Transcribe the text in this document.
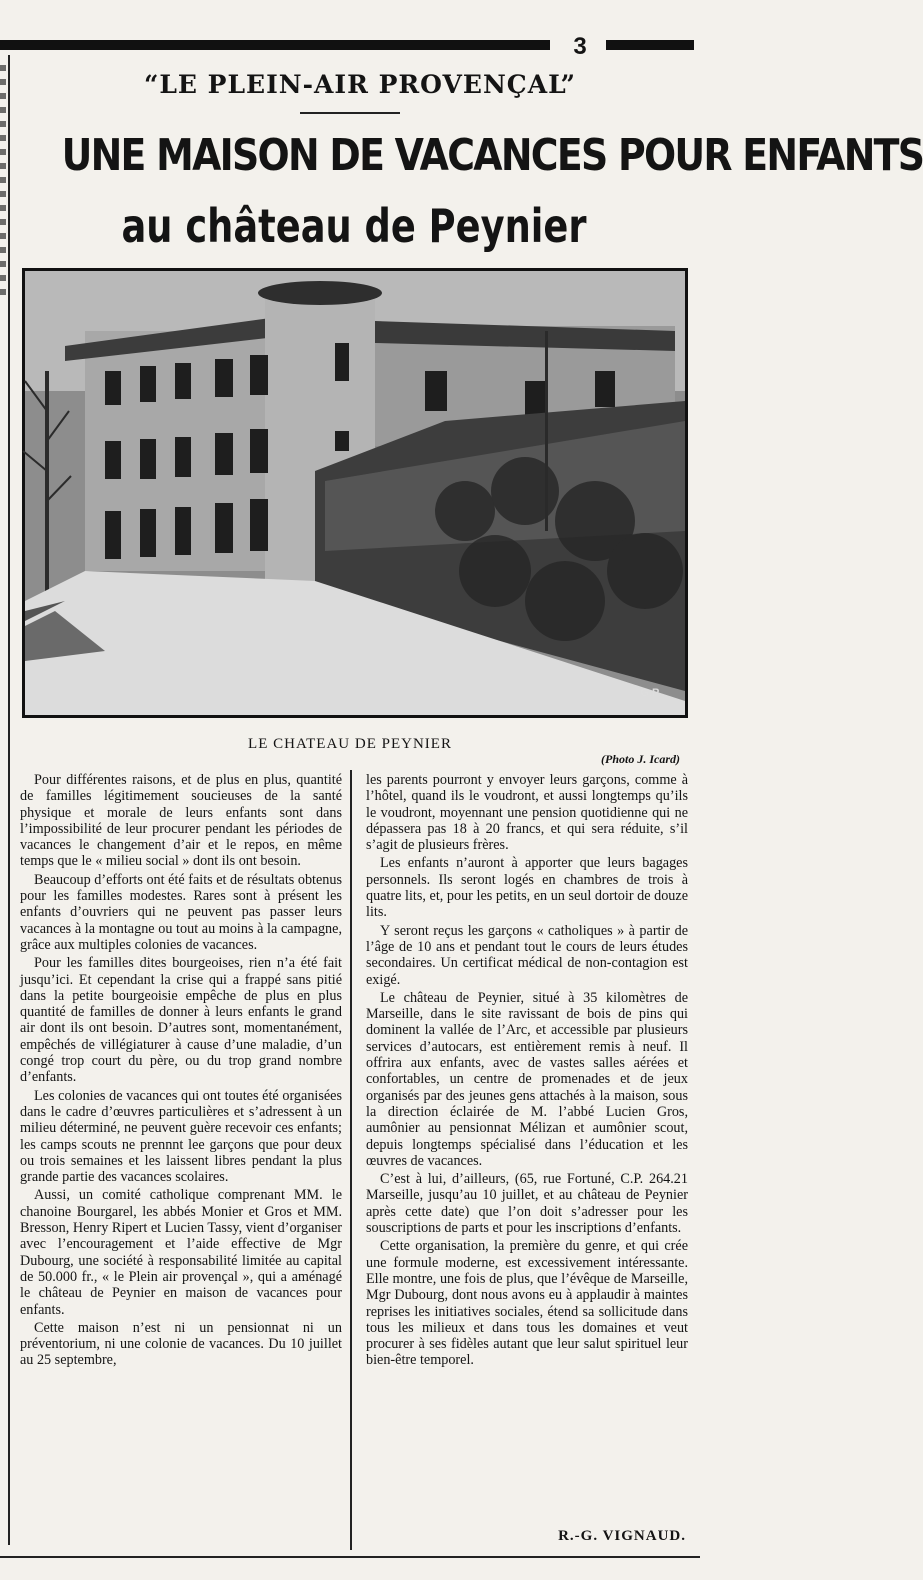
3
“LE PLEIN-AIR PROVENÇAL”
UNE MAISON DE VACANCES POUR ENFANTS
au château de Peynier
G.P.
LE CHATEAU DE PEYNIER
(Photo J. Icard)

Pour différentes raisons, et de plus en plus, quantité de familles légitimement soucieuses de la santé physique et morale de leurs enfants sont dans l’impossibilité de leur procurer pendant les périodes de vacances le changement d’air et le repos, en même temps que le « milieu social » dont ils ont besoin.

Beaucoup d’efforts ont été faits et de résultats obtenus pour les familles modestes. Rares sont à présent les enfants d’ouvriers qui ne peuvent pas passer leurs vacances à la montagne ou tout au moins à la campagne, grâce aux multiples colonies de vacances.

Pour les familles dites bourgeoises, rien n’a été fait jusqu’ici. Et cependant la crise qui a frappé sans pitié dans la petite bourgeoisie empêche de plus en plus quantité de familles de donner à leurs enfants le grand air dont ils ont besoin. D’autres sont, momentanément, empêchés de villégiaturer à cause d’une maladie, d’un congé trop court du père, ou du trop grand nombre d’enfants.

Les colonies de vacances qui ont toutes été organisées dans le cadre d’œuvres particulières et s’adressent à un milieu déterminé, ne peuvent guère recevoir ces enfants; les camps scouts ne prennnt lee garçons que pour deux ou trois semaines et les laissent libres pendant la plus grande partie des vacances scolaires.

Aussi, un comité catholique comprenant MM. le chanoine Bourgarel, les abbés Monier et Gros et MM. Bresson, Henry Ripert et Lucien Tassy, vient d’organiser avec l’encouragement et l’aide effective de Mgr Dubourg, une société à responsabilité limitée au capital de 50.000 fr., « le Plein air provençal », qui a aménagé le château de Peynier en maison de vacances pour enfants.

Cette maison n’est ni un pensionnat ni un préventorium, ni une colonie de vacances. Du 10 juillet au 25 septembre,

les parents pourront y envoyer leurs garçons, comme à l’hôtel, quand ils le voudront, et aussi longtemps qu’ils le voudront, moyennant une pension quotidienne qui ne dépassera pas 18 à 20 francs, et qui sera réduite, s’il s’agit de plusieurs frères.

Les enfants n’auront à apporter que leurs bagages personnels. Ils seront logés en chambres de trois à quatre lits, et, pour les petits, en un seul dortoir de douze lits.

Y seront reçus les garçons « catholiques » à partir de l’âge de 10 ans et pendant tout le cours de leurs études secondaires. Un certificat médical de non-contagion est exigé.

Le château de Peynier, situé à 35 kilomètres de Marseille, dans le site ravissant de bois de pins qui dominent la vallée de l’Arc, et accessible par plusieurs services d’autocars, est entièrement remis à neuf. Il offrira aux enfants, avec de vastes salles aérées et confortables, un centre de promenades et de jeux organisés par des jeunes gens attachés à la maison, sous la direction éclairée de M. l’abbé Lucien Gros, aumônier au pensionnat Mélizan et aumônier scout, depuis longtemps spécialisé dans l’éducation et les œuvres de vacances.

C’est à lui, d’ailleurs, (65, rue Fortuné, C.P. 264.21 Marseille, jusqu’au 10 juillet, et au château de Peynier après cette date) que l’on doit s’adresser pour les souscriptions de parts et pour les inscriptions d’enfants.

Cette organisation, la première du genre, et qui crée une formule moderne, est excessivement intéressante. Elle montre, une fois de plus, que l’évêque de Marseille, Mgr Dubourg, dont nous avons eu à applaudir à maintes reprises les initiatives sociales, étend sa sollicitude dans tous les milieux et dans tous les domaines et veut procurer à ses fidèles autant que leur salut spirituel leur bien-être temporel.

R.-G. VIGNAUD.
